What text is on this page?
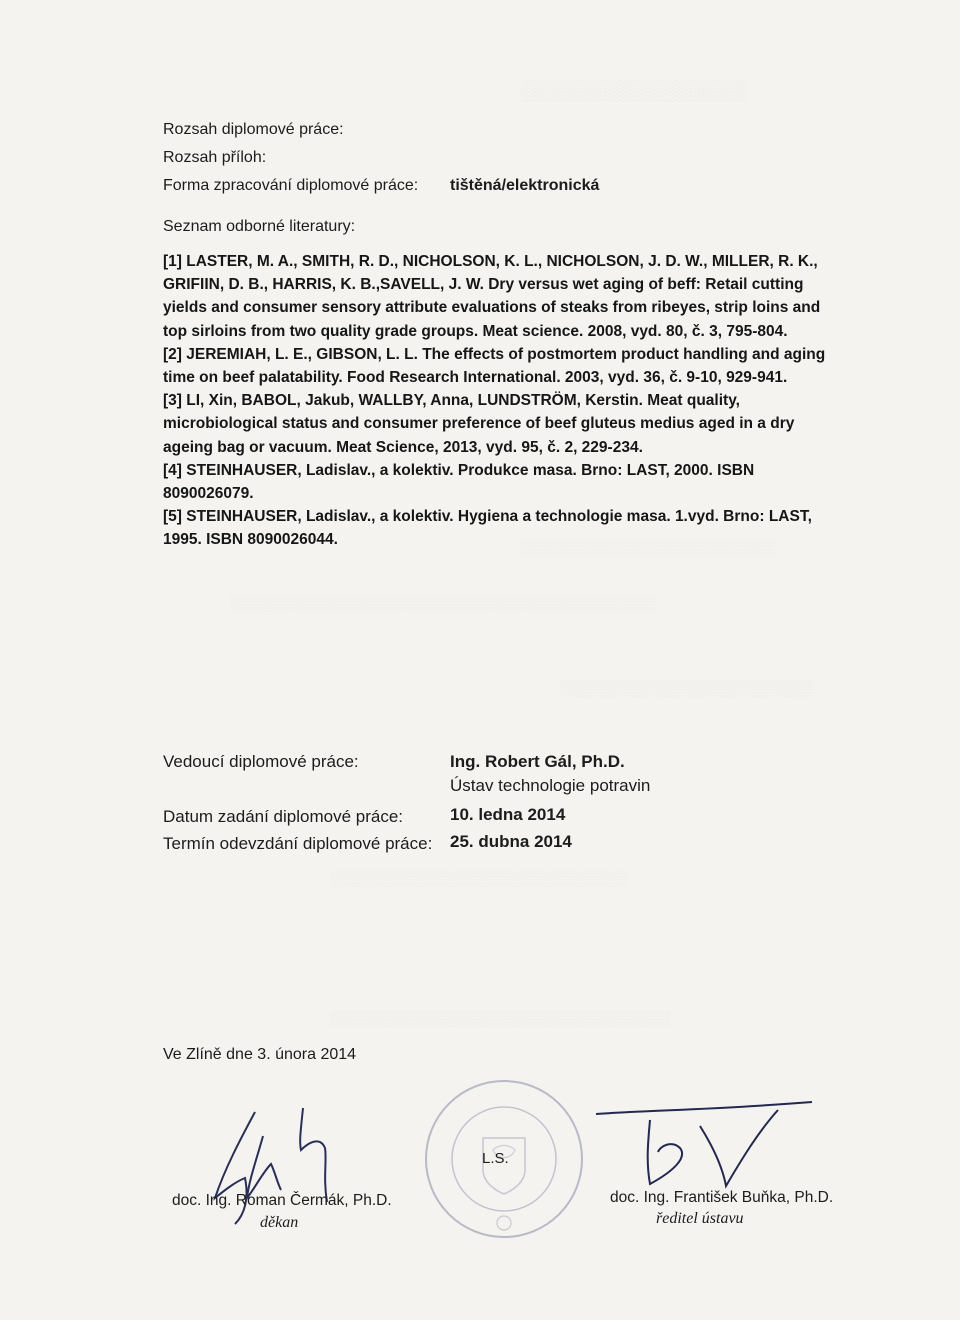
░░░░░░░░░░░░░░░░
░░░░░░░░░░░░░░░░░░░░░░░░
░░░░░░░░░░░░░░░░░░░░░░░░░░░░░░░░░░░░░░░░
░░░░░░░░░░░░░░░░░░░░░░░░
░░░░░░░░░░░░░░░░░░░░░░░░░░░░
░░░░░░░░░░░░░░░░░░░░░░░░░░░░░░░░
Rozsah diplomové práce:
Rozsah příloh:
Forma zpracování diplomové práce: tištěná/elektronická
Seznam odborné literatury:

[1] LASTER, M. A., SMITH, R. D., NICHOLSON, K. L., NICHOLSON, J. D. W., MILLER, R. K., GRIFIIN, D. B., HARRIS, K. B.,SAVELL, J. W. Dry versus wet aging of beff: Retail cutting yields and consumer sensory attribute evaluations of steaks from ribeyes, strip loins and top sirloins from two quality grade groups. Meat science. 2008, vyd. 80, č. 3, 795-804.

[2] JEREMIAH, L. E., GIBSON, L. L. The effects of postmortem product handling and aging time on beef palatability. Food Research International. 2003, vyd. 36, č. 9-10, 929-941.

[3] LI, Xin, BABOL, Jakub, WALLBY, Anna, LUNDSTRÖM, Kerstin. Meat quality, microbiological status and consumer preference of beef gluteus medius aged in a dry ageing bag or vacuum. Meat Science, 2013, vyd. 95, č. 2, 229-234.

[4] STEINHAUSER, Ladislav., a kolektiv. Produkce masa. Brno: LAST, 2000. ISBN 8090026079.

[5] STEINHAUSER, Ladislav., a kolektiv. Hygiena a technologie masa. 1.vyd. Brno: LAST, 1995. ISBN 8090026044.

Vedoucí diplomové práce:	Ing. Robert Gál, Ph.D.
Ústav technologie potravin
Datum zadání diplomové práce:	10. ledna 2014
Termín odevzdání diplomové práce: 25. dubna 2014
Ve Zlíně dne 3. února 2014
doc. Ing. Roman Čermák, Ph.D.
děkan
L.S.
doc. Ing. František Buňka, Ph.D.
ředitel ústavu
